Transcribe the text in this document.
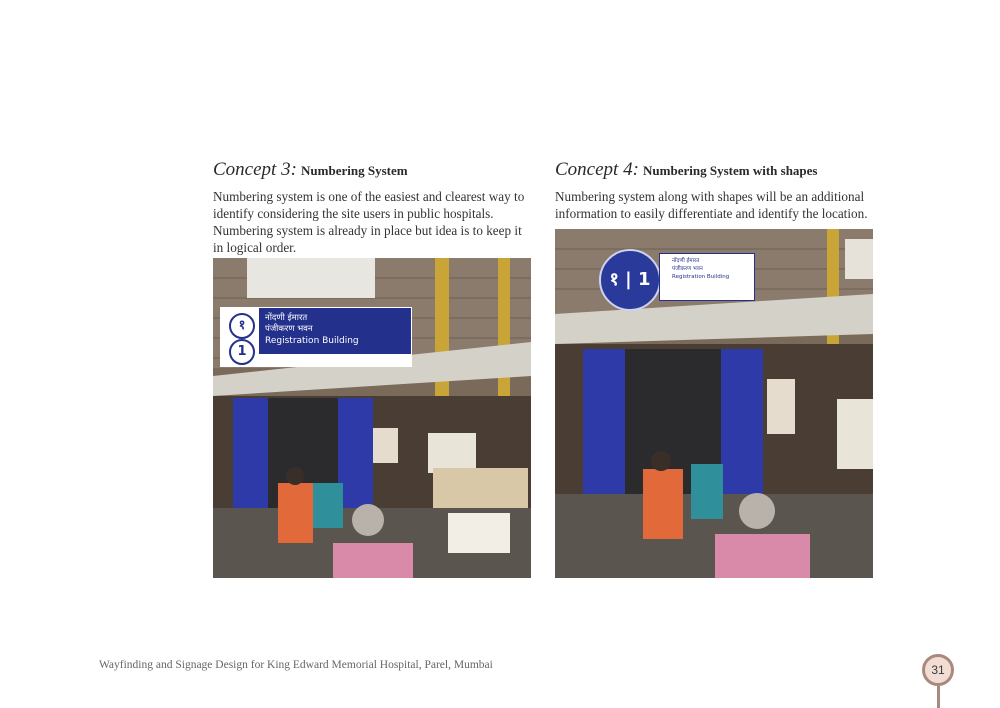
Concept 3: Numbering System

Numbering system is one of the easiest and clearest way to identify considering the site users in public hospitals. Numbering system is already in place but idea is to keep it in logical order.

Concept 4: Numbering System with shapes

Numbering system along with shapes will be an additional information to easily differentiate and identify the location.

१
1
नोंदणी ईमारत
पंजीकरण भवन
Registration Building
१ | 1
नोंदणी ईमारत
पंजीकरण भवन
Registration Building
Wayfinding and Signage Design for King Edward Memorial Hospital, Parel, Mumbai	31
